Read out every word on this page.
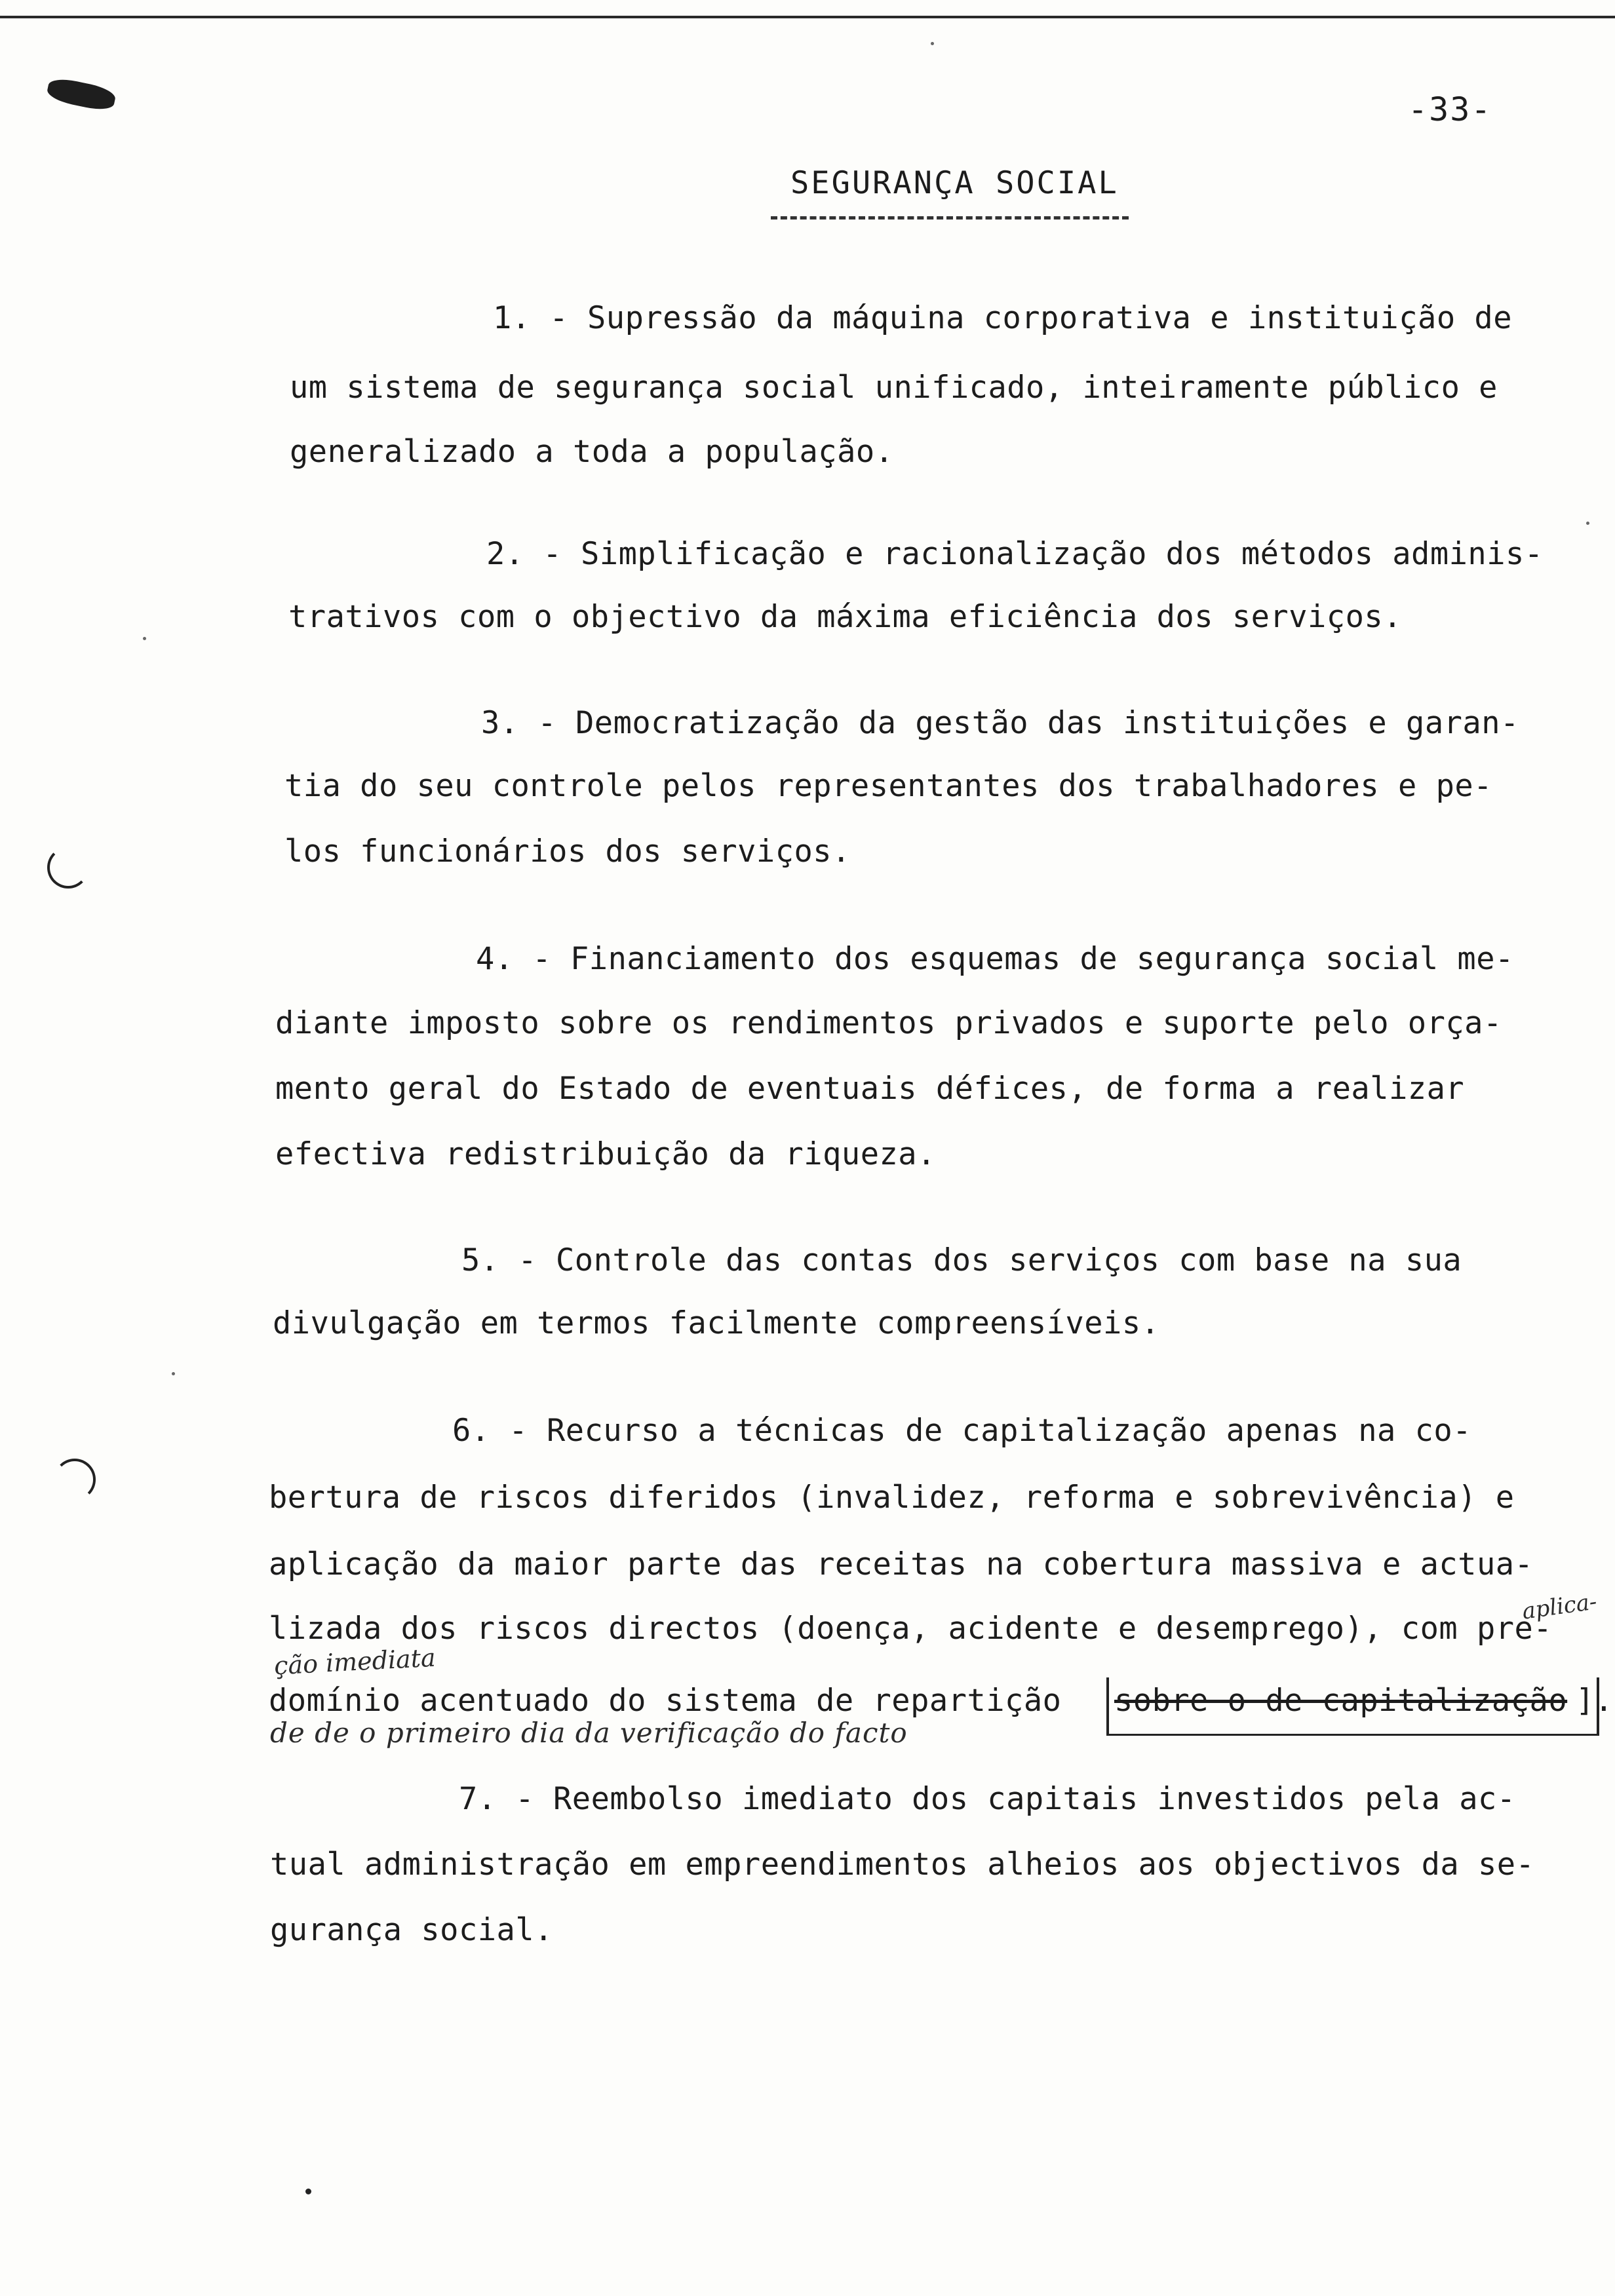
-33-
SEGURANÇA SOCIAL
1. - Supressão da máquina corporativa e instituição de
um sistema de segurança social unificado, inteiramente público e
generalizado a toda a população.
2. - Simplificação e racionalização dos métodos adminis-
trativos com o objectivo da máxima eficiência dos serviços.
3. - Democratização da gestão das instituições e garan-
tia do seu controle pelos representantes dos trabalhadores e pe-
los funcionários dos serviços.
4. - Financiamento dos esquemas de segurança social me-
diante imposto sobre os rendimentos privados e suporte pelo orça-
mento geral do Estado de eventuais défices, de forma a realizar
efectiva redistribuição da riqueza.
5. - Controle das contas dos serviços com base na sua
divulgação em termos facilmente compreensíveis.
6. - Recurso a técnicas de capitalização apenas na co-
bertura de riscos diferidos (invalidez, reforma e sobrevivência) e
aplicação da maior parte das receitas na cobertura massiva e actua-
lizada dos riscos directos (doença, acidente e desemprego), com pre-
domínio acentuado do sistema de repartição sobre o de capitalização ].
aplica-
ção imediata
de de o primeiro dia da verificação do facto
7. - Reembolso imediato dos capitais investidos pela ac-
tual administração em empreendimentos alheios aos objectivos da se-
gurança social.
